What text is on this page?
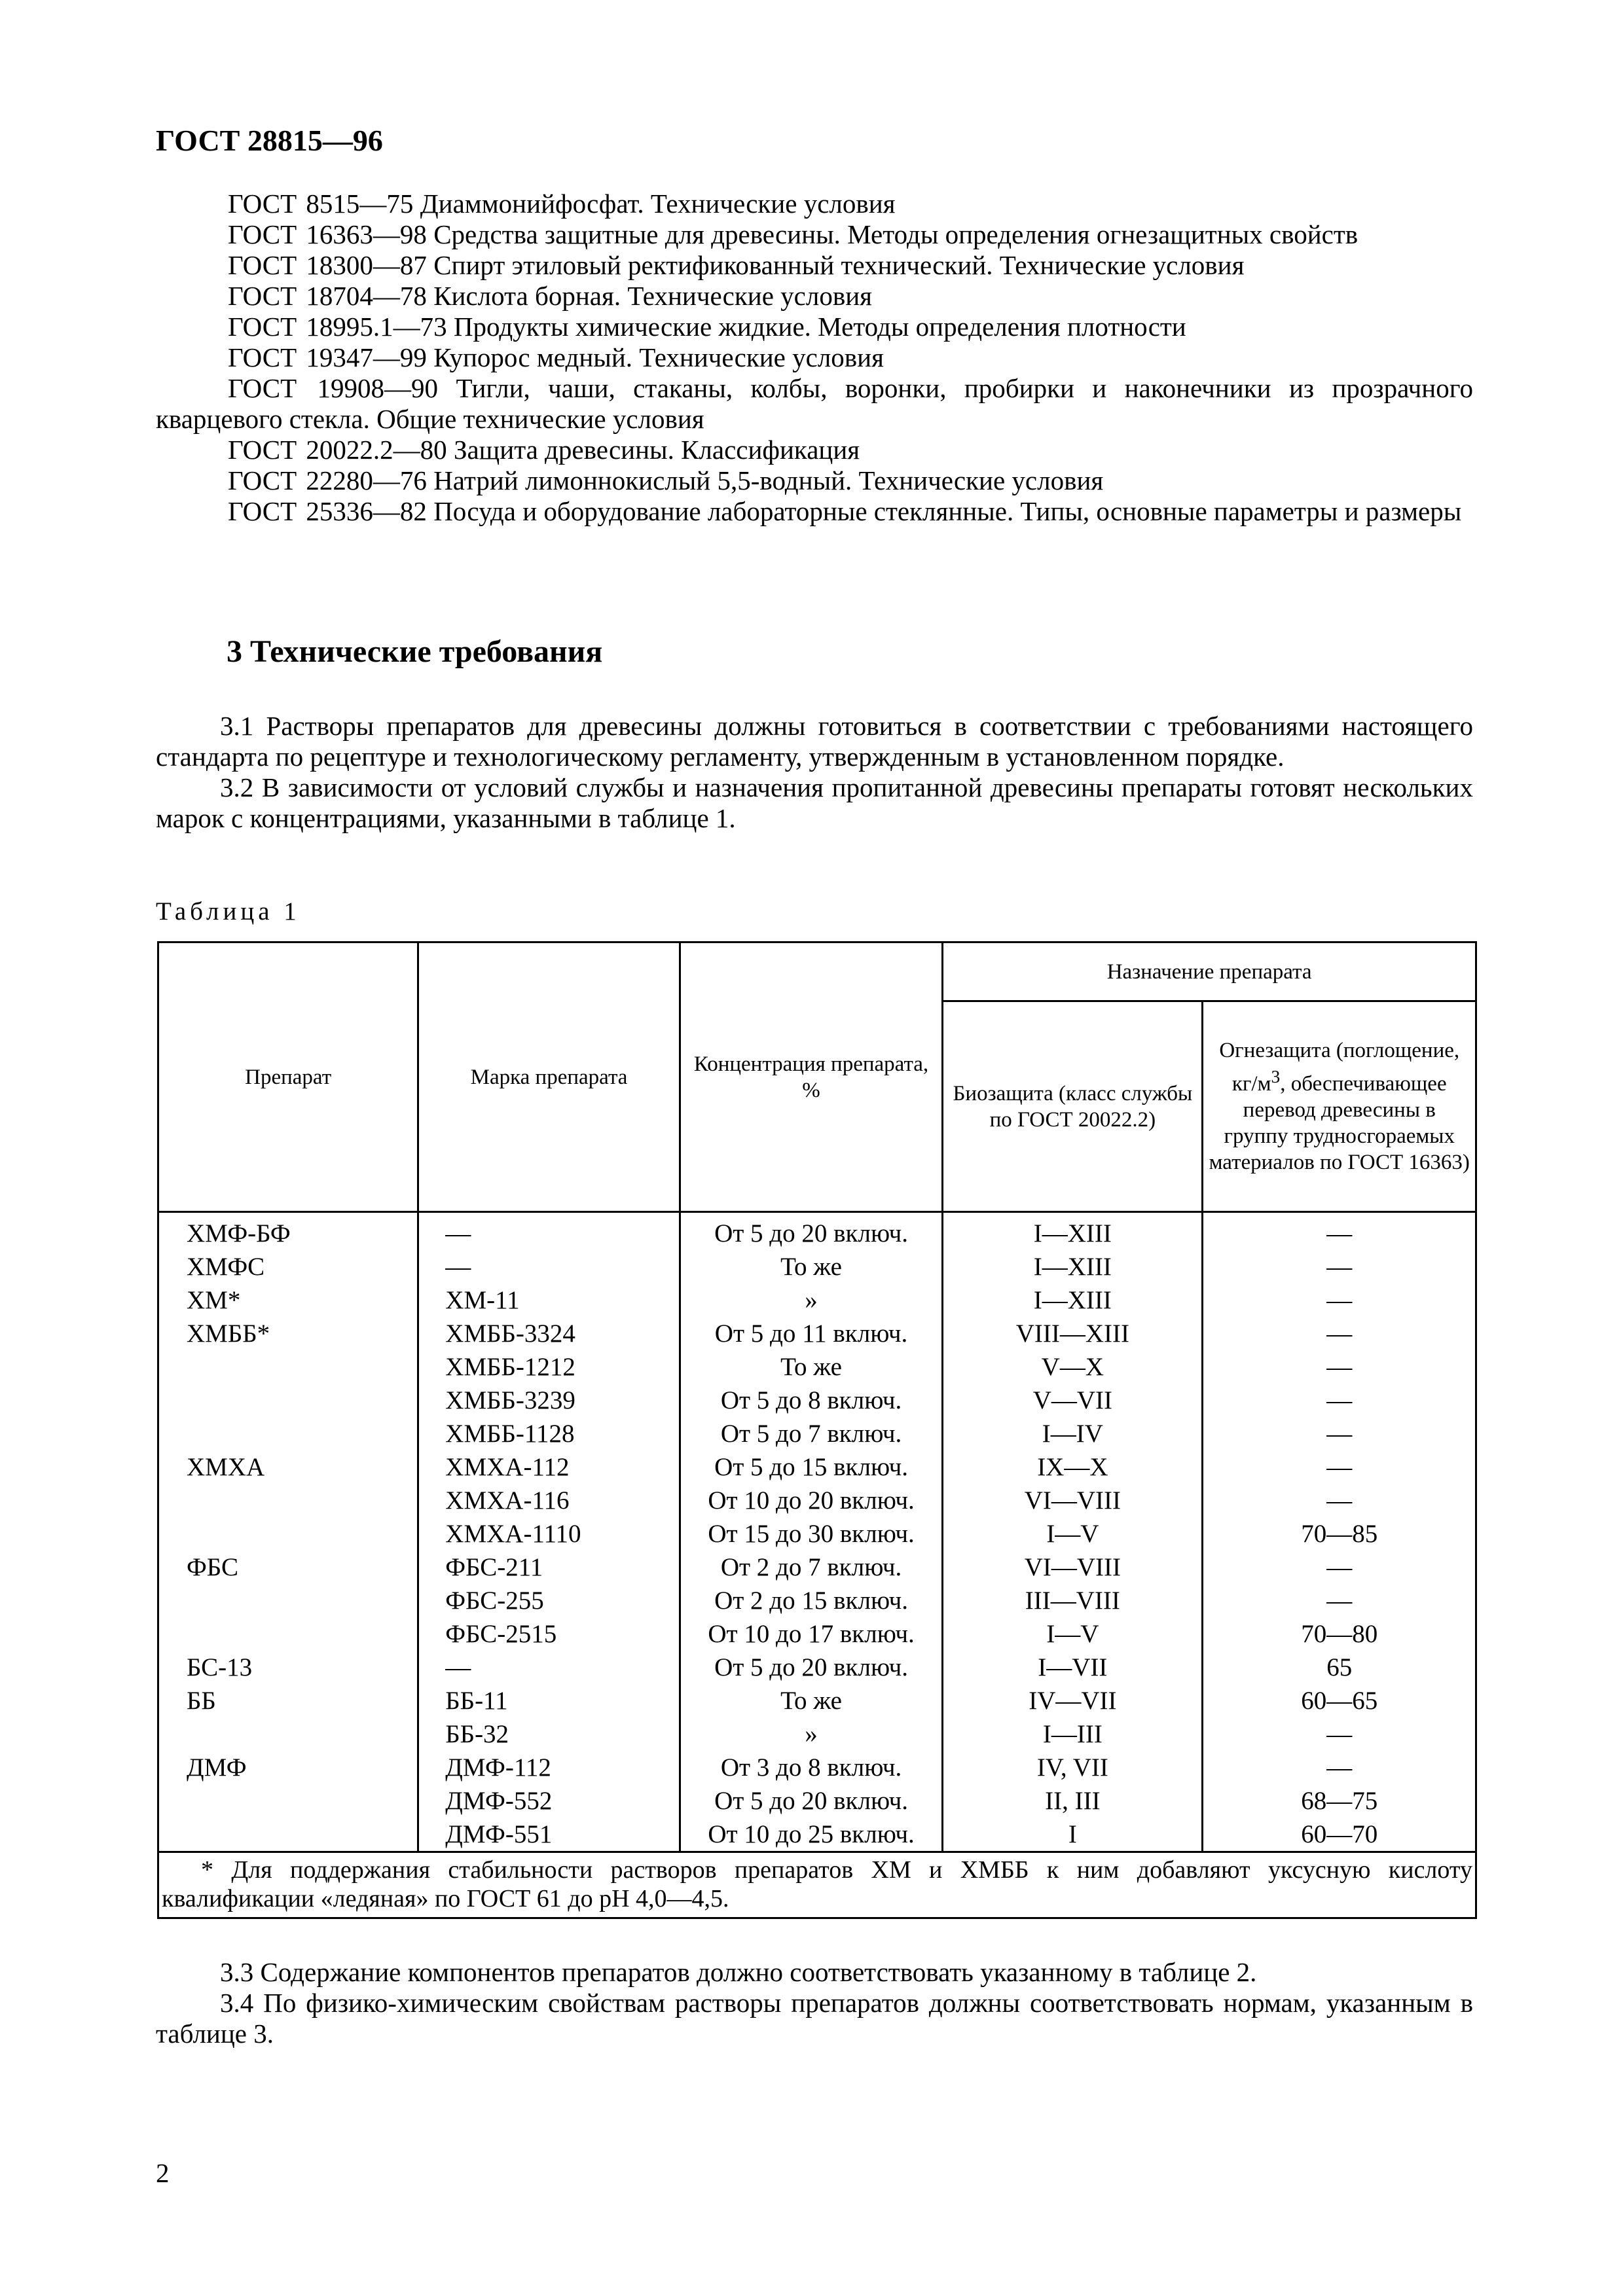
ГОСТ 28815—96
ГОСТ 8515—75 Диаммонийфосфат. Технические условия
ГОСТ 16363—98 Средства защитные для древесины. Методы определения огнезащитных свойств
ГОСТ 18300—87 Спирт этиловый ректификованный технический. Технические условия
ГОСТ 18704—78 Кислота борная. Технические условия
ГОСТ 18995.1—73 Продукты химические жидкие. Методы определения плотности
ГОСТ 19347—99 Купорос медный. Технические условия
ГОСТ 19908—90 Тигли, чаши, стаканы, колбы, воронки, пробирки и наконечники из прозрачного кварцевого стекла. Общие технические условия
ГОСТ 20022.2—80 Защита древесины. Классификация
ГОСТ 22280—76 Натрий лимоннокислый 5,5-водный. Технические условия
ГОСТ 25336—82 Посуда и оборудование лабораторные стеклянные. Типы, основные параметры и размеры
3 Технические требования
3.1 Растворы препаратов для древесины должны готовиться в соответствии с требованиями настоящего стандарта по рецептуре и технологическому регламенту, утвержденным в установленном порядке.
3.2 В зависимости от условий службы и назначения пропитанной древесины препараты готовят нескольких марок с концентрациями, указанными в таблице 1.
Таблица 1
Препарат	Марка препарата	Концентрация препарата, %	Назначение препарата	
			Биозащита (класс службы по ГОСТ 20022.2)	Огнезащита (поглощение, $кг/м^3$, обеспечивающее перевод древесины в группу трудносгораемых материалов по ГОСТ 16363)
ХМФ-БФ	—	От 5 до 20 включ.	I—XIII	—
ХМФС	—	То же	I—XIII	—
ХМ*	ХМ-11	»	I—XIII	—
ХМББ*	ХМББ-3324	От 5 до 11 включ.	VIII—XIII	—
	ХМББ-1212	То же	V—X	—
	ХМББ-3239	От 5 до 8 включ.	V—VII	—
	ХМББ-1128	От 5 до 7 включ.	I—IV	—
ХМХА	ХМХА-112	От 5 до 15 включ.	IX—X	—
	ХМХА-116	От 10 до 20 включ.	VI—VIII	—
	ХМХА-1110	От 15 до 30 включ.	I—V	70—85
ФБС	ФБС-211	От 2 до 7 включ.	VI—VIII	—
	ФБС-255	От 2 до 15 включ.	III—VIII	—
	ФБС-2515	От 10 до 17 включ.	I—V	70—80
БС-13	—	От 5 до 20 включ.	I—VII	65
ББ	ББ-11	То же	IV—VII	60—65
	ББ-32	»	I—III	—
ДМФ	ДМФ-112	От 3 до 8 включ.	IV, VII	—
	ДМФ-552	От 5 до 20 включ.	II, III	68—75
	ДМФ-551	От 10 до 25 включ.	I	60—70
* Для поддержания стабильности растворов препаратов ХМ и ХМББ к ним добавляют уксусную кислоту квалификации «ледяная» по ГОСТ 61 до pH 4,0—4,5.				
3.3 Содержание компонентов препаратов должно соответствовать указанному в таблице 2.
3.4 По физико-химическим свойствам растворы препаратов должны соответствовать нормам, указанным в таблице 3.
2
